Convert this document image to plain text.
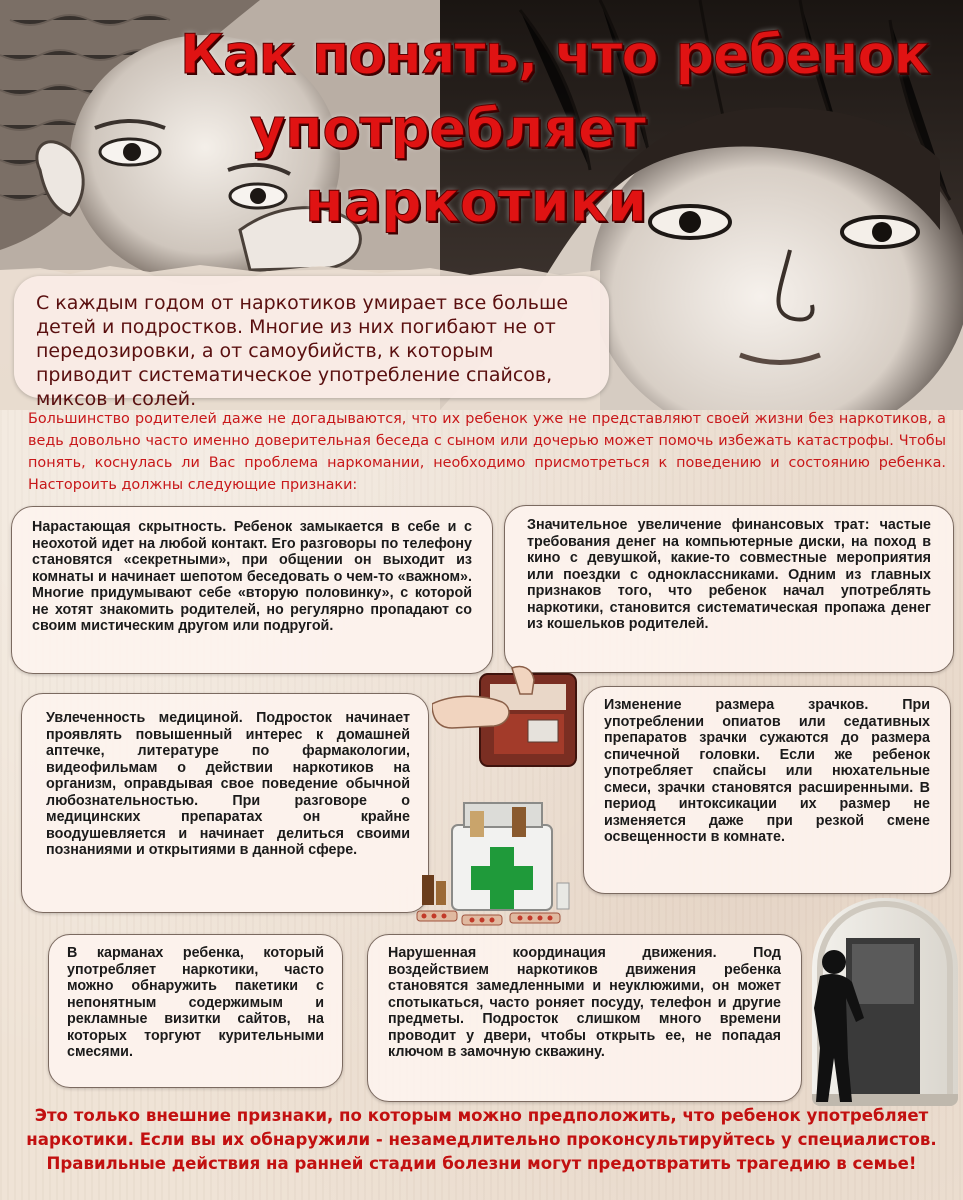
Как понять, что ребенок
употребляет
наркотики
С каждым годом от наркотиков умирает все больше детей и подростков. Многие из них погибают не от передозировки, а от самоубийств, к которым приводит систематическое употребление спайсов, миксов и солей.
Большинство родителей даже не догадываются, что их ребенок уже не представляют своей жизни без наркотиков, а ведь довольно часто именно доверительная беседа с сыном или дочерью может помочь избежать катастрофы. Чтобы понять, коснулась ли Вас проблема наркомании, необходимо присмотреться к поведению и состоянию ребенка. Настороить должны следующие признаки:
Нарастающая скрытность. Ребенок замыкается в себе и с неохотой идет на любой контакт. Его разговоры по телефону становятся «секретными», при общении он выходит из комнаты и начинает шепотом беседовать о чем-то «важном». Многие придумывают себе «вторую половинку», с которой не хотят знакомить родителей, но регулярно пропадают со своим мистическим другом или подругой.
Значительное увеличение финансовых трат: частые требования денег на компьютерные диски, на поход в кино с девушкой, какие-то совместные мероприятия или поездки с одноклассниками. Одним из главных признаков того, что ребенок начал употреблять наркотики, становится систематическая пропажа денег из кошельков родителей.
Увлеченность медициной. Подросток начинает проявлять повышенный интерес к домашней аптечке, литературе по фармакологии, видеофильмам о действии наркотиков на организм, оправдывая свое поведение обычной любознательностью. При разговоре о медицинских препаратах он крайне воодушевляется и начинает делиться своими познаниями и открытиями в данной сфере.
Изменение размера зрачков. При употреблении опиатов или седативных препаратов зрачки сужаются до размера спичечной головки. Если же ребенок употребляет спайсы или нюхательные смеси, зрачки становятся расширенными. В период интоксикации их размер не изменяется даже при резкой смене освещенности в комнате.
В карманах ребенка, который употребляет наркотики, часто можно обнаружить пакетики с непонятным содержимым и рекламные визитки сайтов, на которых торгуют курительными смесями.
Нарушенная координация движения. Под воздействием наркотиков движения ребенка становятся замедленными и неуклюжими, он может спотыкаться, часто роняет посуду, телефон и другие предметы. Подросток слишком много времени проводит у двери, чтобы открыть ее, не попадая ключом в замочную скважину.
Это только внешние признаки, по которым можно предположить, что ребенок употребляет наркотики. Если вы их обнаружили - незамедлительно проконсультируйтесь у специалистов. Правильные действия на ранней стадии болезни могут предотвратить трагедию в семье!
